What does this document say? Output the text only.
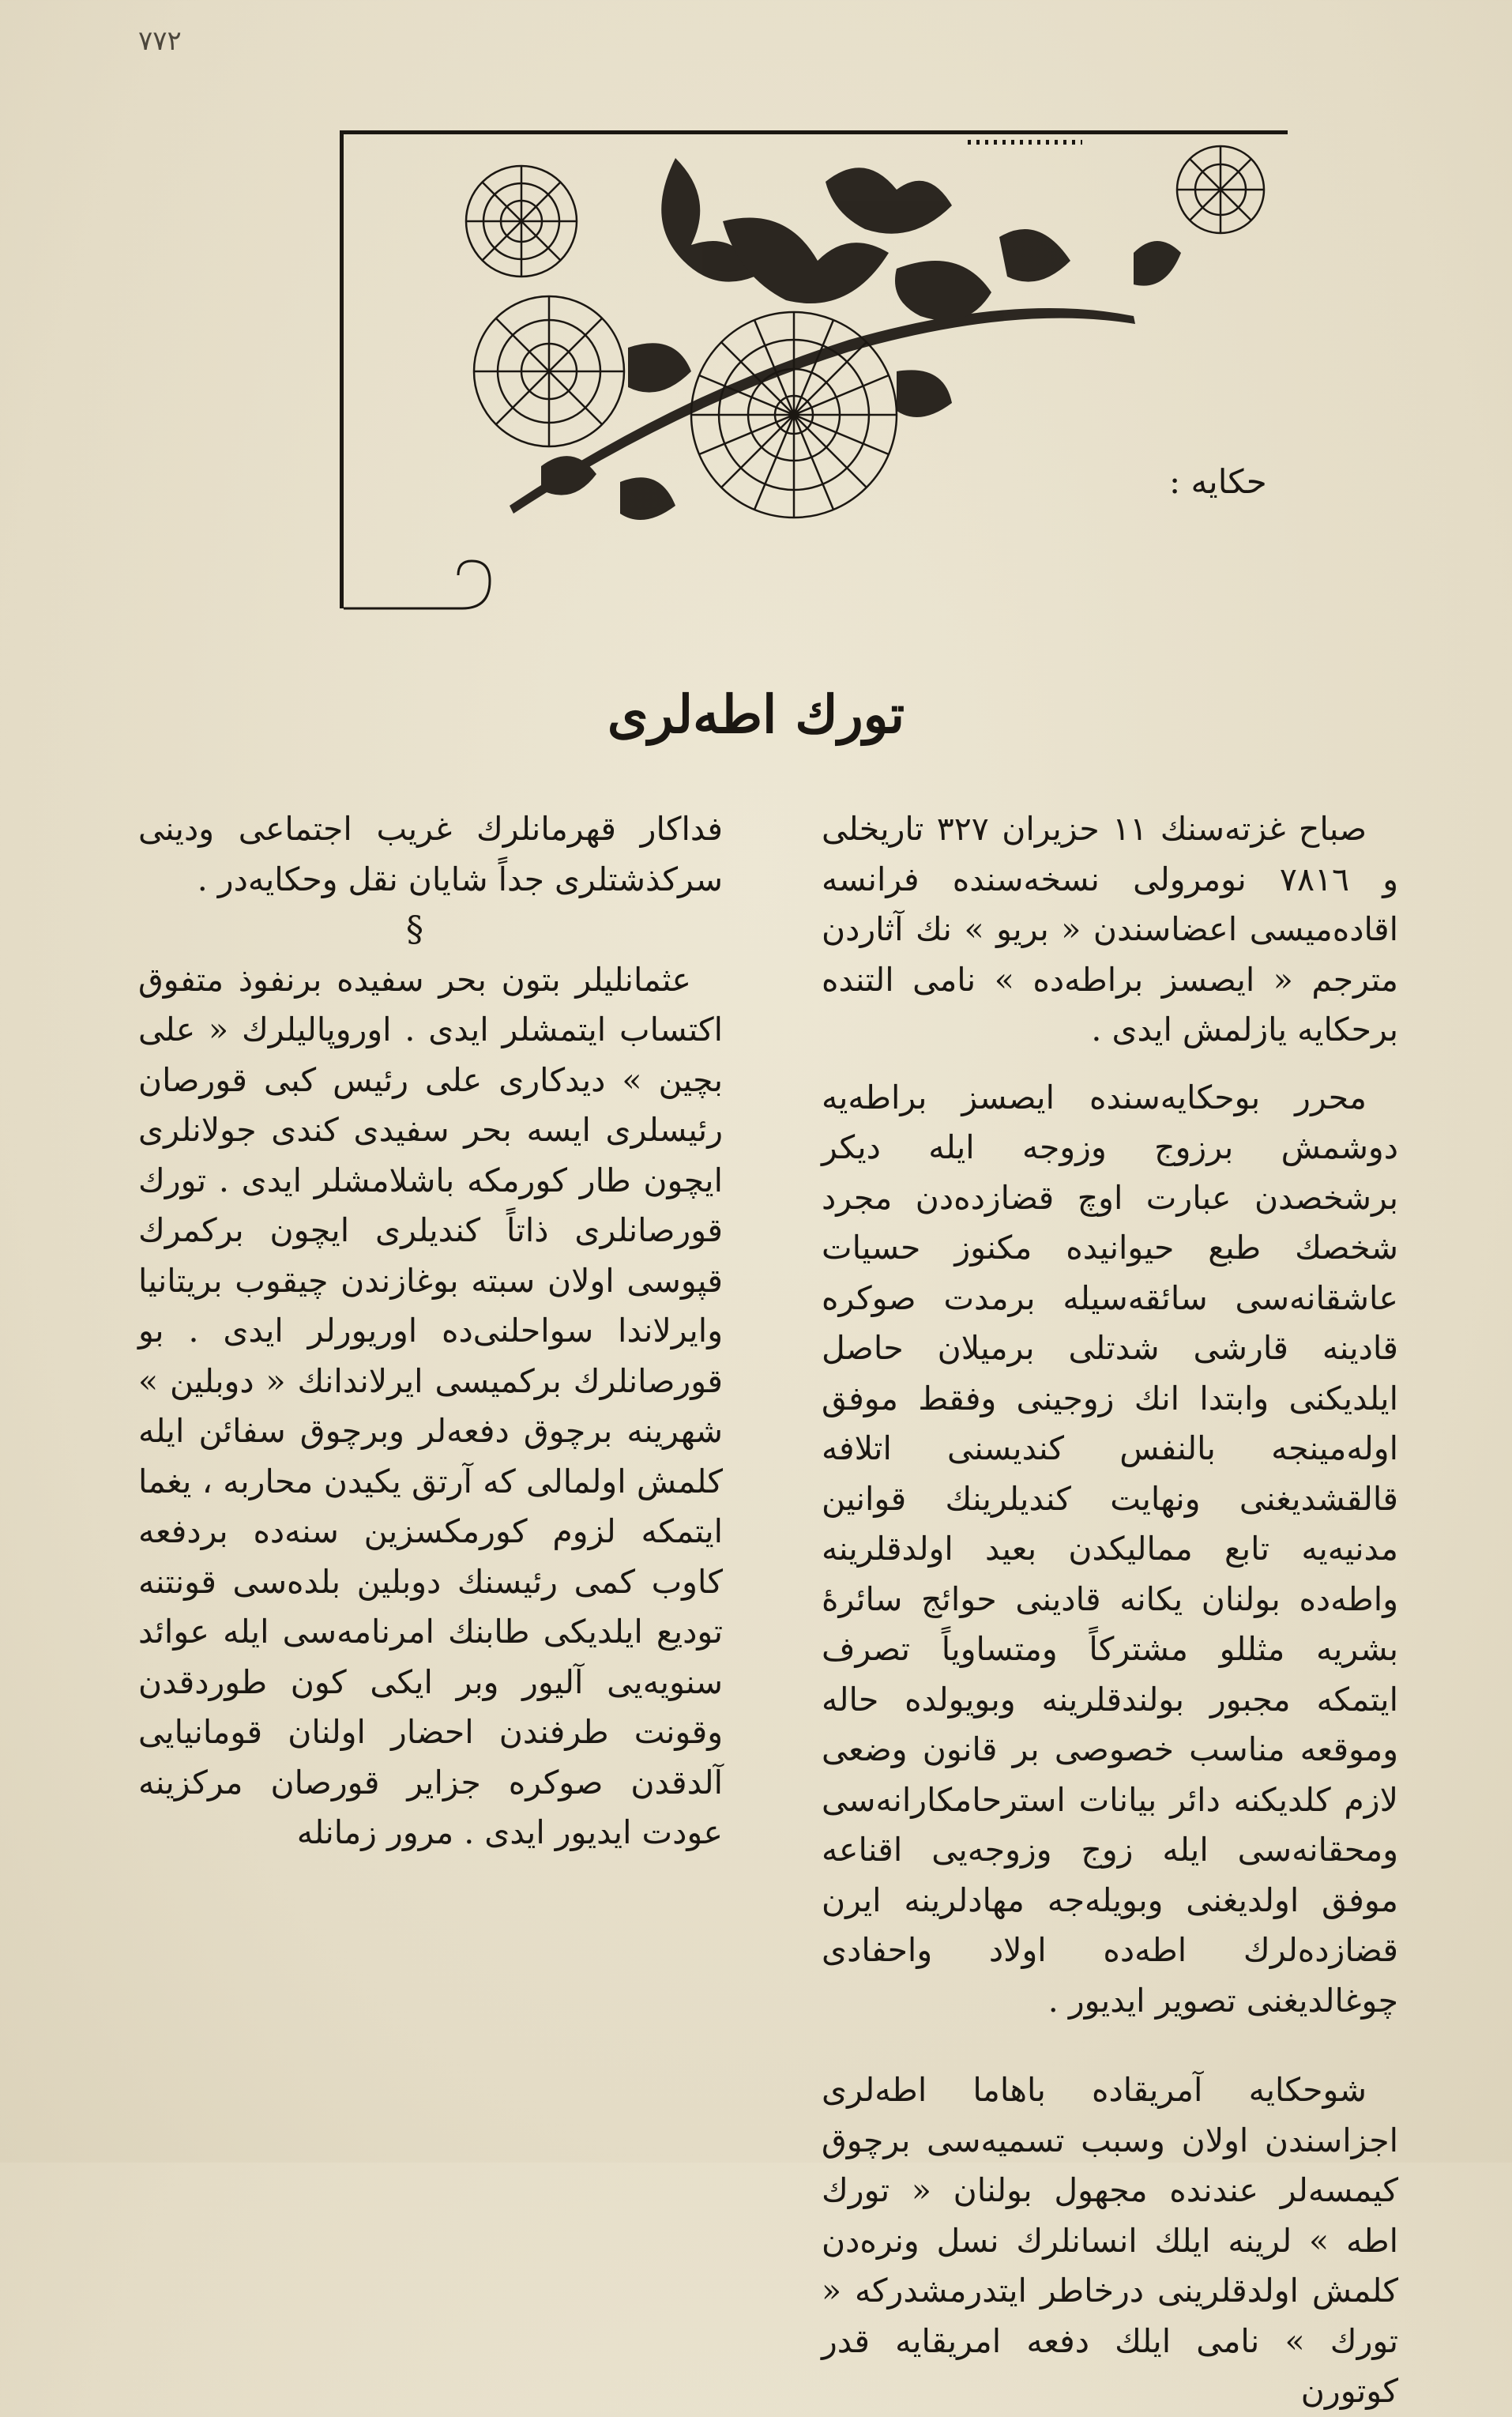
٧٧٢
حكايه :
تورك اطه‌لری

صباح غزته‌سنك ١١ حزيران ٣٢٧ تاريخلی و ٧٨١٦ نومرولی نسخه‌سنده فرانسه اقاده‌میسی اعضاسندن « بريو » نك آثاردن مترجم « ايصسز براطه‌ده » نامی التنده برحكايه يازلمش ايدی .

محرر بوحكايه‌سنده ايصسز براطه‌يه دوشمش برزوج وزوجه ايله ديكر برشخصدن عبارت اوچ قضازده‌دن مجرد شخصك طبع حيوانيده مكنوز حسيات عاشقانه‌سی سائقه‌سيله برمدت صوكره قادينه قارشی شدتلی برميلان حاصل ايلديكنی وابتدا انك زوجينی وفقط موفق اولەمینجه بالنفس كنديسنی اتلافه قالقشديغنی ونهايت كنديلرينك قوانين مدنيه‌يه تابع مماليكدن بعيد اولدقلرينه واطه‌ده بولنان يكانه قادينی حوائج سائرۀ بشريه مثللو مشتركاً ومتساوياً تصرف ايتمكه مجبور بولندقلرينه وبويولده حاله وموقعه مناسب خصوصی بر قانون وضعی لازم كلديكنه دائر بيانات استرحامكارانه‌سی ومحقانه‌سی ايله زوج وزوجه‌يی اقناعه موفق اولديغنی وبويله‌جه مهادلرينه ايرن قضازده‌لرك اطه‌ده اولاد واحفادی چوغالديغنی تصوير ايديور .

شوحكايه آمريقاده باهاما اطه‌لری اجزاسندن اولان وسبب تسميه‌سی برچوق كيمسه‌لر عندنده مجهول بولنان « تورك اطه » لرينه ايلك انسانلرك نسل ونره‌دن كلمش اولدقلرينی درخاطر ايتدرمشدركه « تورك » نامی ايلك دفعه امريقايه قدر كوتورن

فداكار قهرمانلرك غريب اجتماعی ودينی سركذشتلری جداً شايان نقل وحكايه‌در .

§

عثمانليلر بتون بحر سفيده برنفوذ متفوق اكتساب ايتمشلر ايدی . اوروپاليلرك « علی بچين » ديدكاری علی رئيس كبی قورصان رئيسلری ايسه بحر سفيدی كندی جولانلری ايچون طار كورمكه باشلامشلر ايدی . تورك قورصانلری ذاتاً كنديلری ايچون بركمرك قپوسی اولان سبته بوغازندن چيقوب بريتانيا وايرلاندا سواحلنی‌ده اوريورلر ايدی . بو قورصانلرك بركميسی ايرلاندانك « دوبلين » شهرينه برچوق دفعه‌لر وبرچوق سفائن ايله كلمش اولمالی كه آرتق يكيدن محاربه ، يغما ايتمكه لزوم كورمكسزين سنه‌ده بردفعه كاوب كمی رئيسنك دوبلين بلده‌سی قونتنه توديع ايلديكی طابنك امرنامه‌سی ايله عوائد سنويه‌يی آليور وبر ايكی كون طوردقدن وقونت طرفندن احضار اولنان قومانيايی آلدقدن صوكره جزاير قورصان مركزينه عودت ايديور ايدی . مرور زمانله
